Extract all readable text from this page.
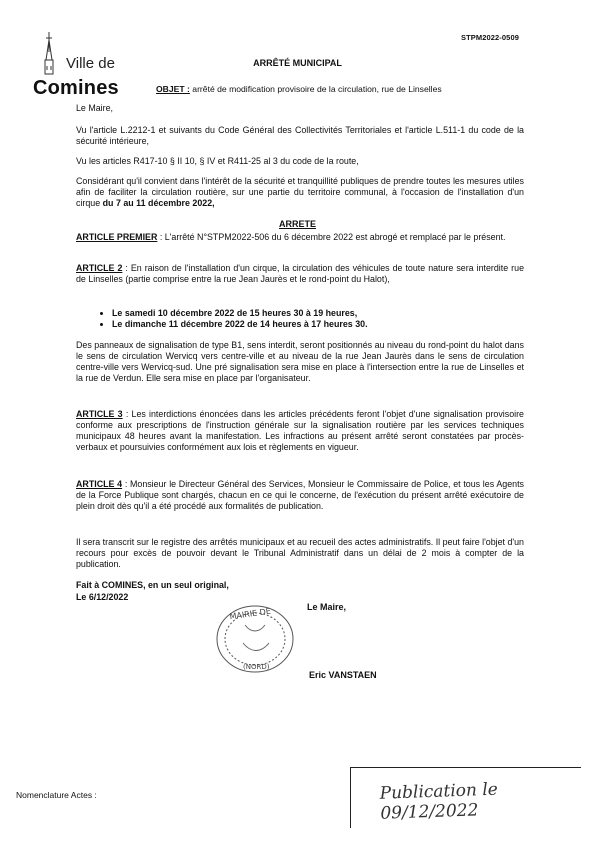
STPM2022-0509
Ville de
Comines
ARRÊTÉ MUNICIPAL
OBJET : arrêté de modification provisoire de la circulation, rue de Linselles
Le Maire,
Vu l'article L.2212-1 et suivants du Code Général des Collectivités Territoriales et l'article L.511-1 du code de la sécurité intérieure,
Vu les articles R417-10 § II 10, § IV et R411-25 al 3 du code de la route,
Considérant qu'il convient dans l'intérêt de la sécurité et tranquillité publiques de prendre toutes les mesures utiles afin de faciliter la circulation routière, sur une partie du territoire communal, à l'occasion de l'installation d'un cirque du 7 au 11 décembre 2022,
ARRETE
ARTICLE PREMIER : L'arrêté N°STPM2022-506 du 6 décembre 2022 est abrogé et remplacé par le présent.
ARTICLE 2 : En raison de l'installation d'un cirque, la circulation des véhicules de toute nature sera interdite rue de Linselles (partie comprise entre la rue Jean Jaurès et le rond-point du Halot),
• Le samedi 10 décembre 2022 de 15 heures 30 à 19 heures,
• Le dimanche 11 décembre 2022 de 14 heures à 17 heures 30.
Des panneaux de signalisation de type B1, sens interdit, seront positionnés au niveau du rond-point du halot dans le sens de circulation Wervicq vers centre-ville et au niveau de la rue Jean Jaurès dans le sens de circulation centre-ville vers Wervicq-sud. Une pré signalisation sera mise en place à l'intersection entre la rue de Linselles et la rue de Verdun. Elle sera mise en place par l'organisateur.
ARTICLE 3 : Les interdictions énoncées dans les articles précédents feront l'objet d'une signalisation provisoire conforme aux prescriptions de l'instruction générale sur la signalisation routière par les services techniques municipaux 48 heures avant la manifestation. Les infractions au présent arrêté seront constatées par procès-verbaux et poursuivies conformément aux lois et règlements en vigueur.
ARTICLE 4 : Monsieur le Directeur Général des Services, Monsieur le Commissaire de Police, et tous les Agents de la Force Publique sont chargés, chacun en ce qui le concerne, de l'exécution du présent arrêté exécutoire de plein droit dès qu'il a été procédé aux formalités de publication.
Il sera transcrit sur le registre des arrêtés municipaux et au recueil des actes administratifs. Il peut faire l'objet d'un recours pour excès de pouvoir devant le Tribunal Administratif dans un délai de 2 mois à compter de la publication.
Fait à COMINES, en un seul original,
Le 6/12/2022
MAIRIE DE
(NORD)
Le Maire,
Eric VANSTAEN
Nomenclature Actes :	Publication le 09/12/2022
